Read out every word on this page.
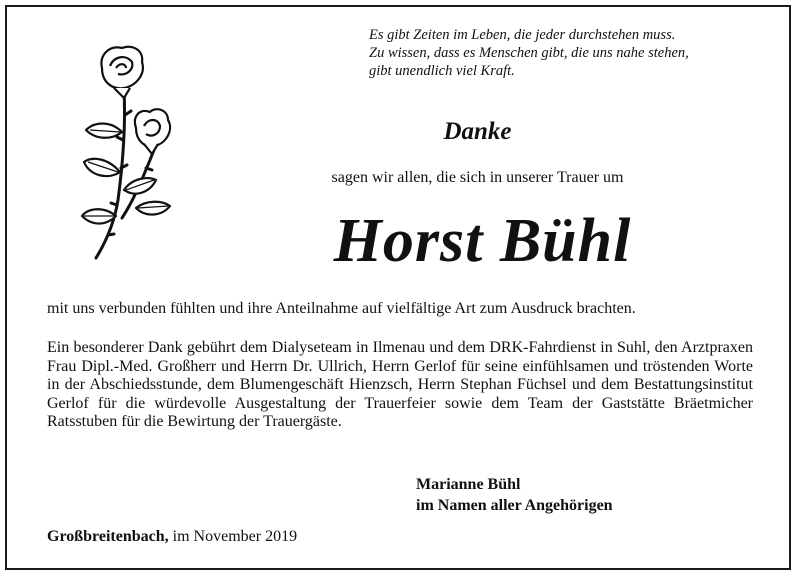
Es gibt Zeiten im Leben, die jeder durchstehen muss.
Zu wissen, dass es Menschen gibt, die uns nahe stehen,
gibt unendlich viel Kraft.
Danke
sagen wir allen, die sich in unserer Trauer um
Horst Bühl
mit uns verbunden fühlten und ihre Anteilnahme auf vielfältige Art zum Ausdruck brachten.
Ein besonderer Dank gebührt dem Dialyseteam in Ilmenau und dem DRK-Fahrdienst in Suhl, den Arztpraxen Frau Dipl.-Med. Großherr und Herrn Dr. Ullrich, Herrn Gerlof für seine einfühlsamen und tröstenden Worte in der Abschiedsstunde, dem Blumengeschäft Hienzsch, Herrn Stephan Füchsel und dem Bestattungsinstitut Gerlof für die würdevolle Ausgestaltung der Trauerfeier sowie dem Team der Gaststätte Bräetmicher Ratsstuben für die Bewirtung der Trauergäste.
Marianne Bühl
im Namen aller Angehörigen
Großbreitenbach, im November 2019
